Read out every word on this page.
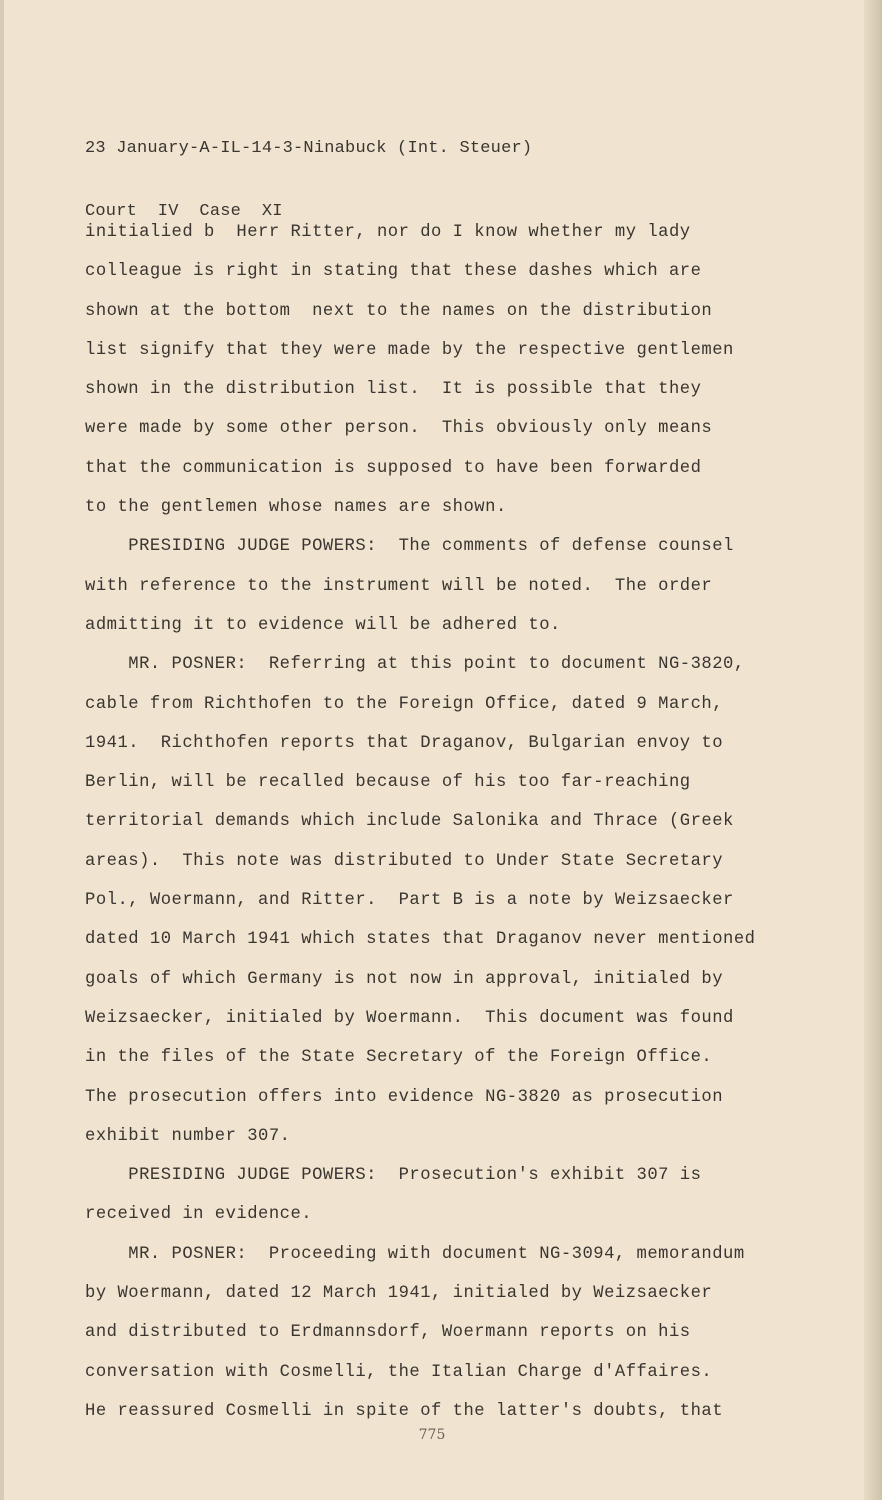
23 January-A-IL-14-3-Ninabuck (Int. Steuer)

Court  IV  Case  XI

initialied b  Herr Ritter, nor do I know whether my lady
colleague is right in stating that these dashes which are
shown at the bottom  next to the names on the distribution
list signify that they were made by the respective gentlemen
shown in the distribution list.  It is possible that they
were made by some other person.  This obviously only means
that the communication is supposed to have been forwarded
to the gentlemen whose names are shown.
PRESIDING JUDGE POWERS:  The comments of defense counsel
with reference to the instrument will be noted.  The order
admitting it to evidence will be adhered to.
MR. POSNER:  Referring at this point to document NG-3820,
cable from Richthofen to the Foreign Office, dated 9 March,
1941.  Richthofen reports that Draganov, Bulgarian envoy to
Berlin, will be recalled because of his too far-reaching
territorial demands which include Salonika and Thrace (Greek
areas).  This note was distributed to Under State Secretary
Pol., Woermann, and Ritter.  Part B is a note by Weizsaecker
dated 10 March 1941 which states that Draganov never mentioned
goals of which Germany is not now in approval, initialed by
Weizsaecker, initialed by Woermann.  This document was found
in the files of the State Secretary of the Foreign Office.
The prosecution offers into evidence NG-3820 as prosecution
exhibit number 307.
PRESIDING JUDGE POWERS:  Prosecution's exhibit 307 is
received in evidence.
MR. POSNER:  Proceeding with document NG-3094, memorandum
by Woermann, dated 12 March 1941, initialed by Weizsaecker
and distributed to Erdmannsdorf, Woermann reports on his
conversation with Cosmelli, the Italian Charge d'Affaires.
He reassured Cosmelli in spite of the latter's doubts, that
775
